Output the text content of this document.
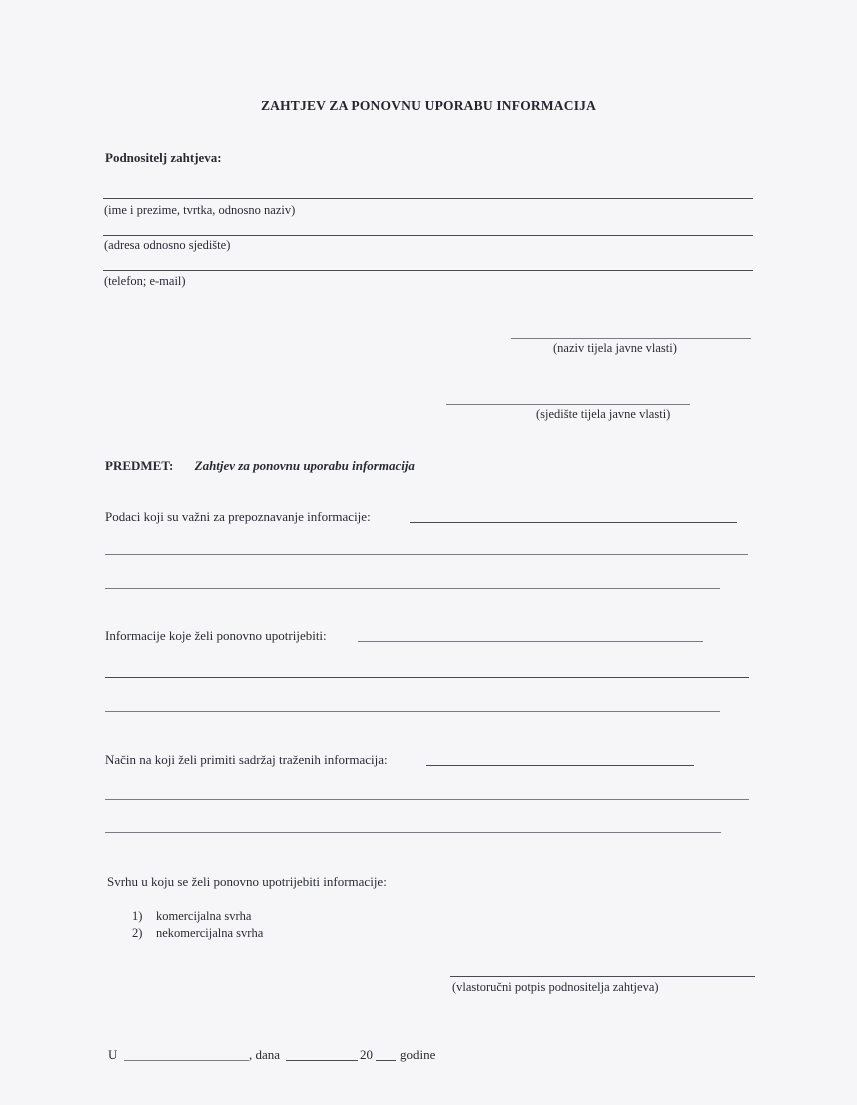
ZAHTJEV ZA PONOVNU UPORABU INFORMACIJA
Podnositelj zahtjeva:
(ime i prezime, tvrtka, odnosno naziv)
(adresa odnosno sjedište)
(telefon; e-mail)
(naziv tijela javne vlasti)
(sjedište tijela javne vlasti)
PREDMET: Zahtjev za ponovnu uporabu informacija
Podaci koji su važni za prepoznavanje informacije:
Informacije koje želi ponovno upotrijebiti:
Način na koji želi primiti sadržaj traženih informacija:
Svrhu u koju se želi ponovno upotrijebiti informacije:
1) komercijalna svrha
2) nekomercijalna svrha
(vlastoručni potpis podnositelja zahtjeva)
U	, dana	20 godine
